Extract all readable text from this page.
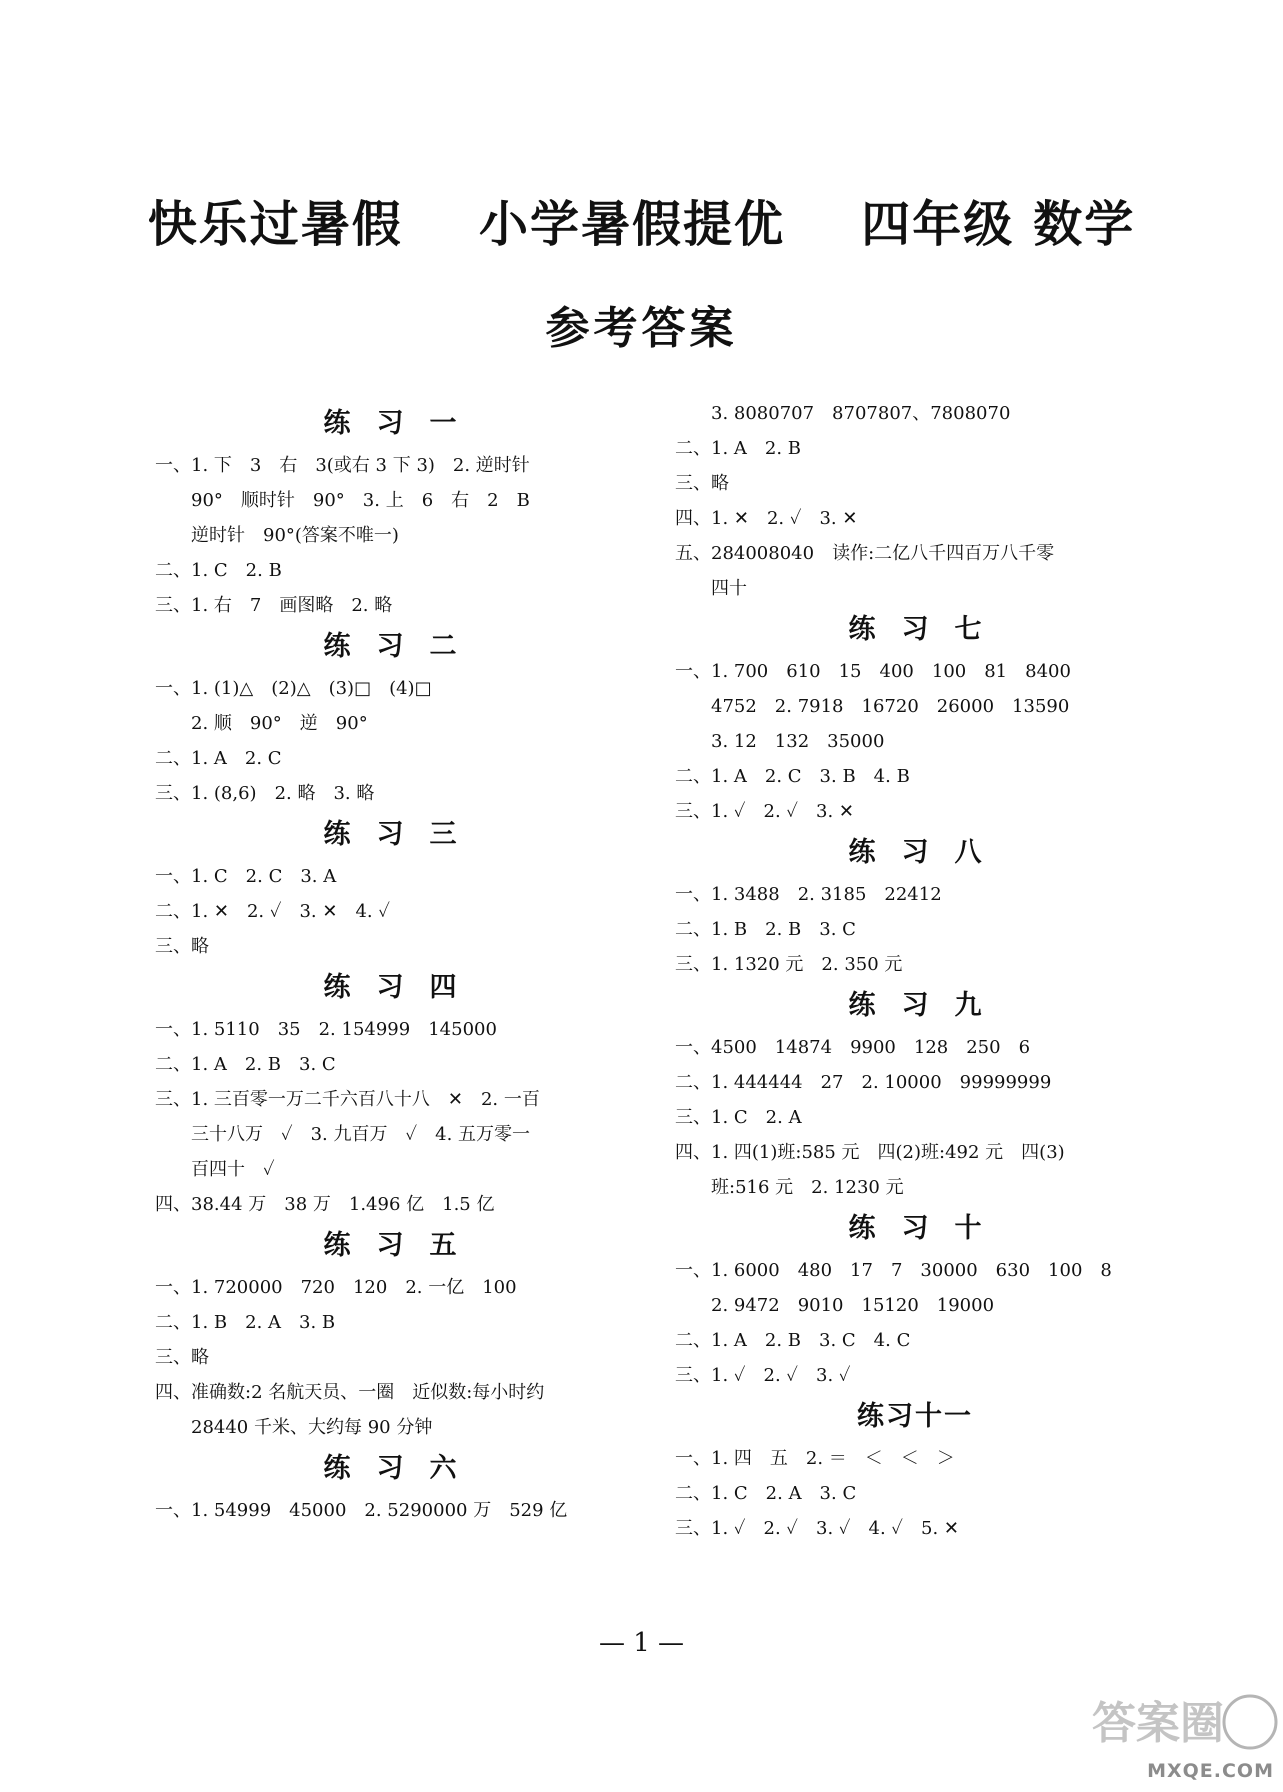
快乐过暑假    小学暑假提优    四年级 数学
参考答案
练习一
一、1. 下　3　右　3(或右 3 下 3)　2. 逆时针
90°　顺时针　90°　3. 上　6　右　2　B
逆时针　90°(答案不唯一)
二、1. C　2. B
三、1. 右　7　画图略　2. 略
练习二
一、1. (1)△　(2)△　(3)□　(4)□
2. 顺　90°　逆　90°
二、1. A　2. C
三、1. (8,6)　2. 略　3. 略
练习三
一、1. C　2. C　3. A
二、1. ✕　2. ✓　3. ✕　4. ✓
三、略
练习四
一、1. 5110　35　2. 154999　145000
二、1. A　2. B　3. C
三、1. 三百零一万二千六百八十八　✕　2. 一百
三十八万　✓　3. 九百万　✓　4. 五万零一
百四十　✓
四、38.44 万　38 万　1.496 亿　1.5 亿
练习五
一、1. 720000　720　120　2. 一亿　100
二、1. B　2. A　3. B
三、略
四、准确数:2 名航天员、一圈　近似数:每小时约
28440 千米、大约每 90 分钟
练习六
一、1. 54999　45000　2. 5290000 万　529 亿
3. 8080707　8707807、7808070
二、1. A　2. B
三、略
四、1. ✕　2. ✓　3. ✕
五、284008040　读作:二亿八千四百万八千零
四十
练习七
一、1. 700　610　15　400　100　81　8400
4752　2. 7918　16720　26000　13590
3. 12　132　35000
二、1. A　2. C　3. B　4. B
三、1. ✓　2. ✓　3. ✕
练习八
一、1. 3488　2. 3185　22412
二、1. B　2. B　3. C
三、1. 1320 元　2. 350 元
练习九
一、4500　14874　9900　128　250　6
二、1. 444444　27　2. 10000　99999999
三、1. C　2. A
四、1. 四(1)班:585 元　四(2)班:492 元　四(3)
班:516 元　2. 1230 元
练习十
一、1. 6000　480　17　7　30000　630　100　8
2. 9472　9010　15120　19000
二、1. A　2. B　3. C　4. C
三、1. ✓　2. ✓　3. ✓
练习十一
一、1. 四　五　2. ＝　＜　＜　＞
二、1. C　2. A　3. C
三、1. ✓　2. ✓　3. ✓　4. ✓　5. ✕
— 1 —
答案圈
MXQE.COM
